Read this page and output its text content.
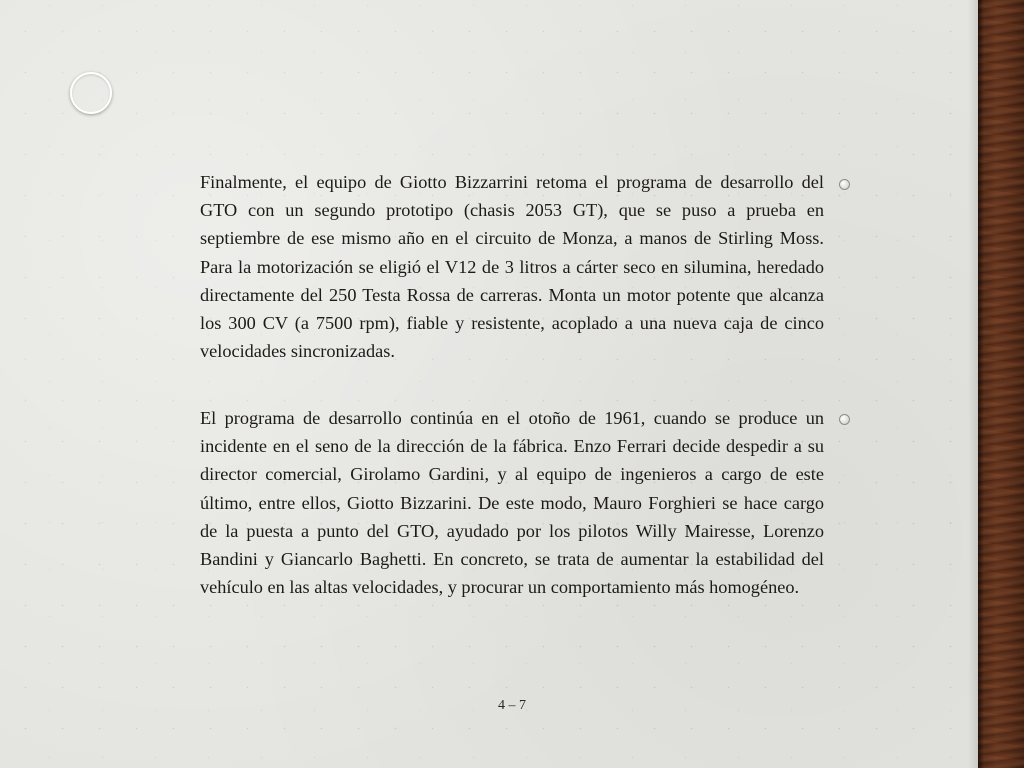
Finalmente, el equipo de Giotto Bizzarrini retoma el programa de desarrollo del GTO con un segundo prototipo (chasis 2053 GT), que se puso a prueba en septiembre de ese mismo año en el circuito de Monza, a manos de Stirling Moss. Para la motorización se eligió el V12 de 3 litros a cárter seco en silumina, heredado directamente del 250 Testa Rossa de carreras. Monta un motor potente que alcanza los 300 CV (a 7500 rpm), fiable y resistente, acoplado a una nueva caja de cinco velocidades sincronizadas.

El programa de desarrollo continúa en el otoño de 1961, cuando se produce un incidente en el seno de la dirección de la fábrica. Enzo Ferrari decide despedir a su director comercial, Girolamo Gardini, y al equipo de ingenieros a cargo de este último, entre ellos, Giotto Bizzarini. De este modo, Mauro Forghieri se hace cargo de la puesta a punto del GTO, ayudado por los pilotos Willy Mairesse, Lorenzo Bandini y Giancarlo Baghetti. En concreto, se trata de aumentar la estabilidad del vehículo en las altas velocidades, y procurar un comportamiento más homogéneo.

4 – 7
